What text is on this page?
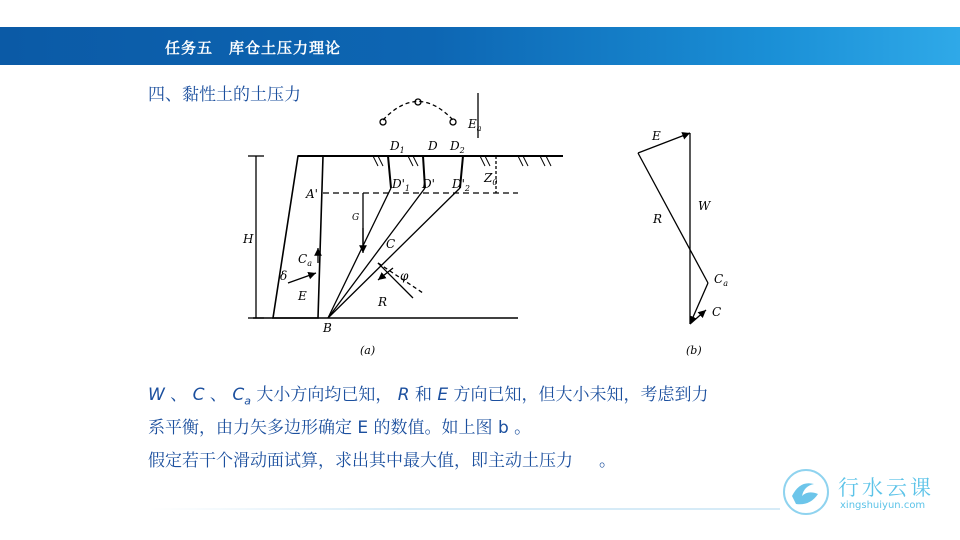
任务五　库仓土压力理论
四、黏性土的土压力
$D_1$ D $D_2$
$D'_1$ D' $D'_2$
A'
B
H
$E_a$
$Z_0$
G
C
R
φ
$C_a$
δ
E
(a)
E
W
R
$C_a$
C
(b)
W 、 C 、 $C_a$ 大小方向均已知， R 和 E 方向已知，但大小未知，考虑到力
系平衡，由力矢多边形确定 E 的数值。如上图 b 。
假定若干个滑动面试算，求出其中最大值，即主动土压力 。
行水云课
xingshuiyun.com
